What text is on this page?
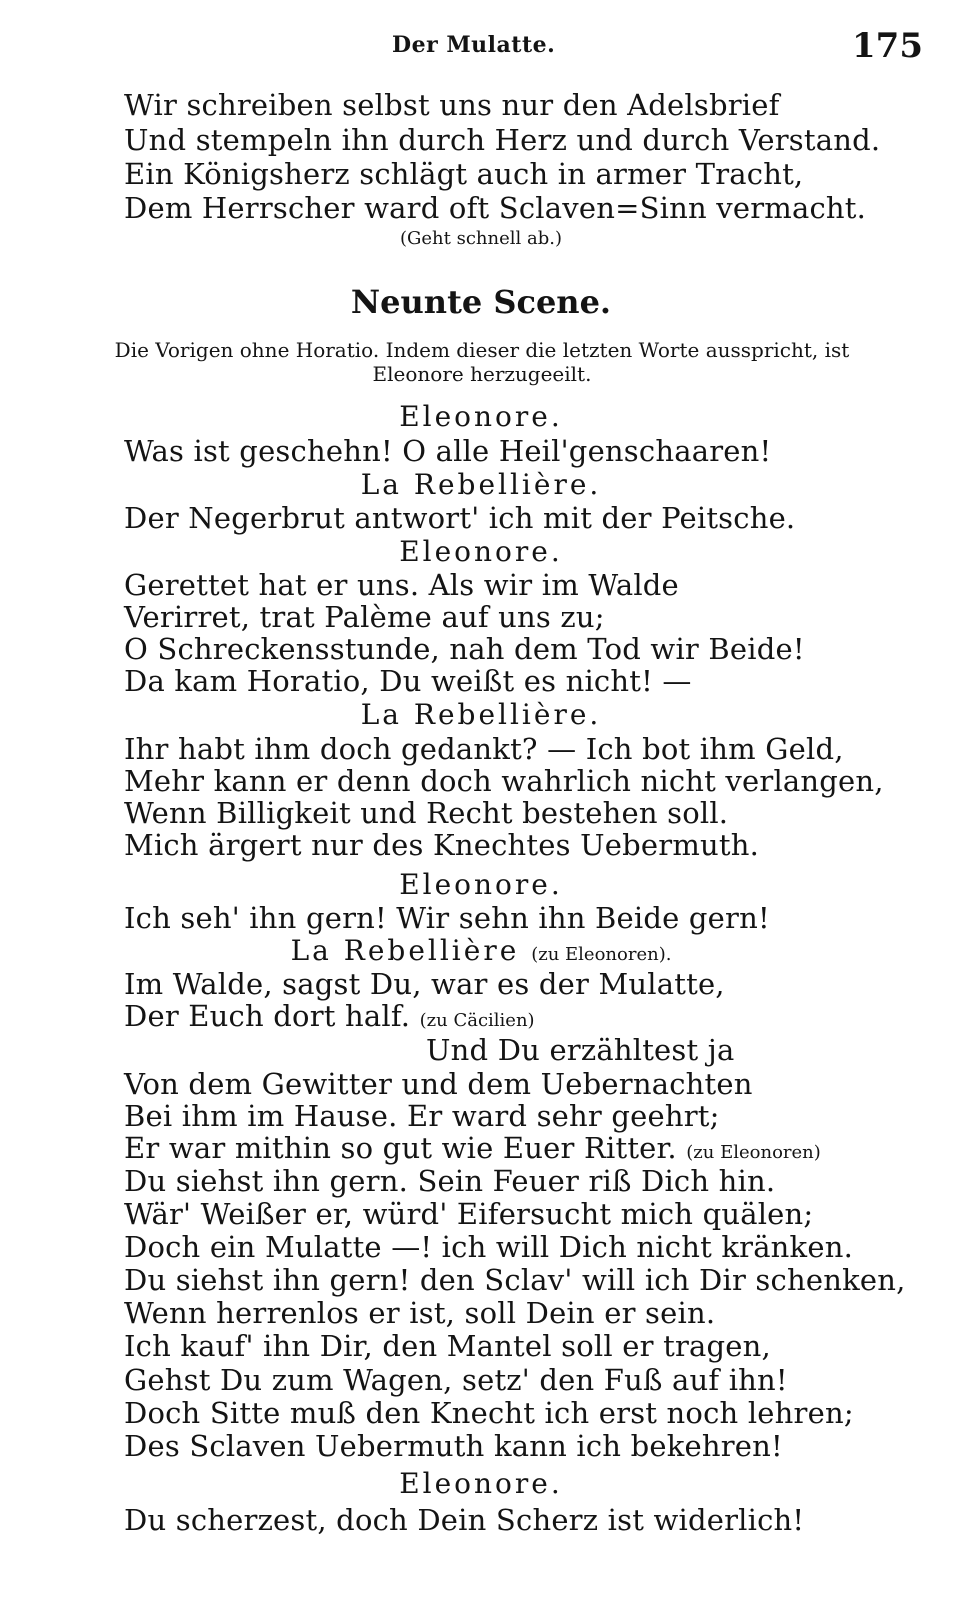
Der Mulatte.	175
Wir schreiben selbst uns nur den Adelsbrief
Und stempeln ihn durch Herz und durch Verstand.
Ein Königsherz schlägt auch in armer Tracht,
Dem Herrscher ward oft Sclaven=Sinn vermacht.
(Geht schnell ab.)
Neunte Scene.
Die Vorigen ohne Horatio. Indem dieser die letzten Worte ausspricht, ist
Eleonore herzugeeilt.
Eleonore.
Was ist geschehn! O alle Heil'genschaaren!
La Rebellière.
Der Negerbrut antwort' ich mit der Peitsche.
Eleonore.
Gerettet hat er uns. Als wir im Walde
Verirret, trat Palème auf uns zu;
O Schreckensstunde, nah dem Tod wir Beide!
Da kam Horatio, Du weißt es nicht! —
La Rebellière.
Ihr habt ihm doch gedankt? — Ich bot ihm Geld,
Mehr kann er denn doch wahrlich nicht verlangen,
Wenn Billigkeit und Recht bestehen soll.
Mich ärgert nur des Knechtes Uebermuth.
Eleonore.
Ich seh' ihn gern! Wir sehn ihn Beide gern!
La Rebellière (zu Eleonoren).
Im Walde, sagst Du, war es der Mulatte,
Der Euch dort half. (zu Cäcilien)
Und Du erzähltest ja
Von dem Gewitter und dem Uebernachten
Bei ihm im Hause. Er ward sehr geehrt;
Er war mithin so gut wie Euer Ritter. (zu Eleonoren)
Du siehst ihn gern. Sein Feuer riß Dich hin.
Wär' Weißer er, würd' Eifersucht mich quälen;
Doch ein Mulatte —! ich will Dich nicht kränken.
Du siehst ihn gern! den Sclav' will ich Dir schenken,
Wenn herrenlos er ist, soll Dein er sein.
Ich kauf' ihn Dir, den Mantel soll er tragen,
Gehst Du zum Wagen, setz' den Fuß auf ihn!
Doch Sitte muß den Knecht ich erst noch lehren;
Des Sclaven Uebermuth kann ich bekehren!
Eleonore.
Du scherzest, doch Dein Scherz ist widerlich!
